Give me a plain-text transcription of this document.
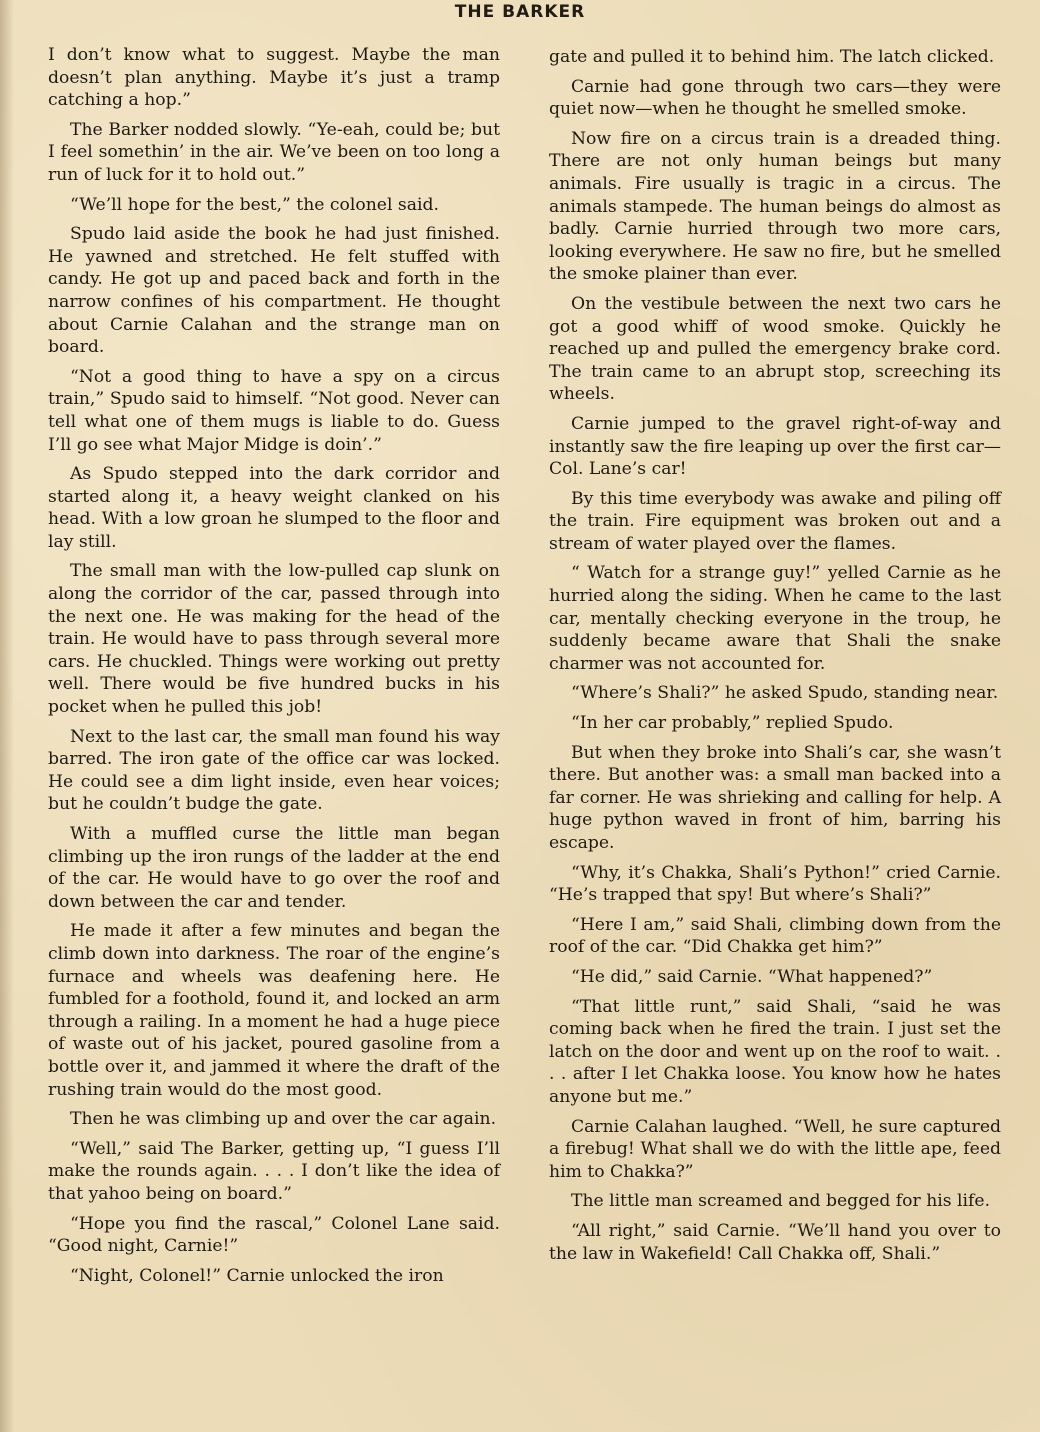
THE BARKER

I don’t know what to suggest. Maybe the man doesn’t plan anything. Maybe it’s just a tramp catching a hop.”

The Barker nodded slowly. “Ye-eah, could be; but I feel somethin’ in the air. We’ve been on too long a run of luck for it to hold out.”

“We’ll hope for the best,” the colonel said.

Spudo laid aside the book he had just finished. He yawned and stretched. He felt stuffed with candy. He got up and paced back and forth in the narrow confines of his compartment. He thought about Carnie Calahan and the strange man on board.

“Not a good thing to have a spy on a circus train,” Spudo said to himself. “Not good. Never can tell what one of them mugs is liable to do. Guess I’ll go see what Major Midge is doin’.”

As Spudo stepped into the dark corridor and started along it, a heavy weight clanked on his head. With a low groan he slumped to the floor and lay still.

The small man with the low-pulled cap slunk on along the corridor of the car, passed through into the next one. He was making for the head of the train. He would have to pass through several more cars. He chuckled. Things were working out pretty well. There would be five hundred bucks in his pocket when he pulled this job!

Next to the last car, the small man found his way barred. The iron gate of the office car was locked. He could see a dim light inside, even hear voices; but he couldn’t budge the gate.

With a muffled curse the little man began climbing up the iron rungs of the ladder at the end of the car. He would have to go over the roof and down between the car and tender.

He made it after a few minutes and began the climb down into darkness. The roar of the engine’s furnace and wheels was deafening here. He fumbled for a foothold, found it, and locked an arm through a railing. In a moment he had a huge piece of waste out of his jacket, poured gasoline from a bottle over it, and jammed it where the draft of the rushing train would do the most good.

Then he was climbing up and over the car again.

“Well,” said The Barker, getting up, “I guess I’ll make the rounds again. . . . I don’t like the idea of that yahoo being on board.”

“Hope you find the rascal,” Colonel Lane said. “Good night, Carnie!”

“Night, Colonel!” Carnie unlocked the iron

gate and pulled it to behind him. The latch clicked.

Carnie had gone through two cars—they were quiet now—when he thought he smelled smoke.

Now fire on a circus train is a dreaded thing. There are not only human beings but many animals. Fire usually is tragic in a circus. The animals stampede. The human beings do almost as badly. Carnie hurried through two more cars, looking everywhere. He saw no fire, but he smelled the smoke plainer than ever.

On the vestibule between the next two cars he got a good whiff of wood smoke. Quickly he reached up and pulled the emergency brake cord. The train came to an abrupt stop, screeching its wheels.

Carnie jumped to the gravel right-of-way and instantly saw the fire leaping up over the first car—Col. Lane’s car!

By this time everybody was awake and piling off the train. Fire equipment was broken out and a stream of water played over the flames.

“ Watch for a strange guy!” yelled Carnie as he hurried along the siding. When he came to the last car, mentally checking everyone in the troup, he suddenly became aware that Shali the snake charmer was not accounted for.

“Where’s Shali?” he asked Spudo, standing near.

“In her car probably,” replied Spudo.

But when they broke into Shali’s car, she wasn’t there. But another was: a small man backed into a far corner. He was shrieking and calling for help. A huge python waved in front of him, barring his escape.

“Why, it’s Chakka, Shali’s Python!” cried Carnie. “He’s trapped that spy! But where’s Shali?”

“Here I am,” said Shali, climbing down from the roof of the car. “Did Chakka get him?”

“He did,” said Carnie. “What happened?”

“That little runt,” said Shali, “said he was coming back when he fired the train. I just set the latch on the door and went up on the roof to wait. . . . after I let Chakka loose. You know how he hates anyone but me.”

Carnie Calahan laughed. “Well, he sure captured a firebug! What shall we do with the little ape, feed him to Chakka?”

The little man screamed and begged for his life.

“All right,” said Carnie. “We’ll hand you over to the law in Wakefield! Call Chakka off, Shali.”
